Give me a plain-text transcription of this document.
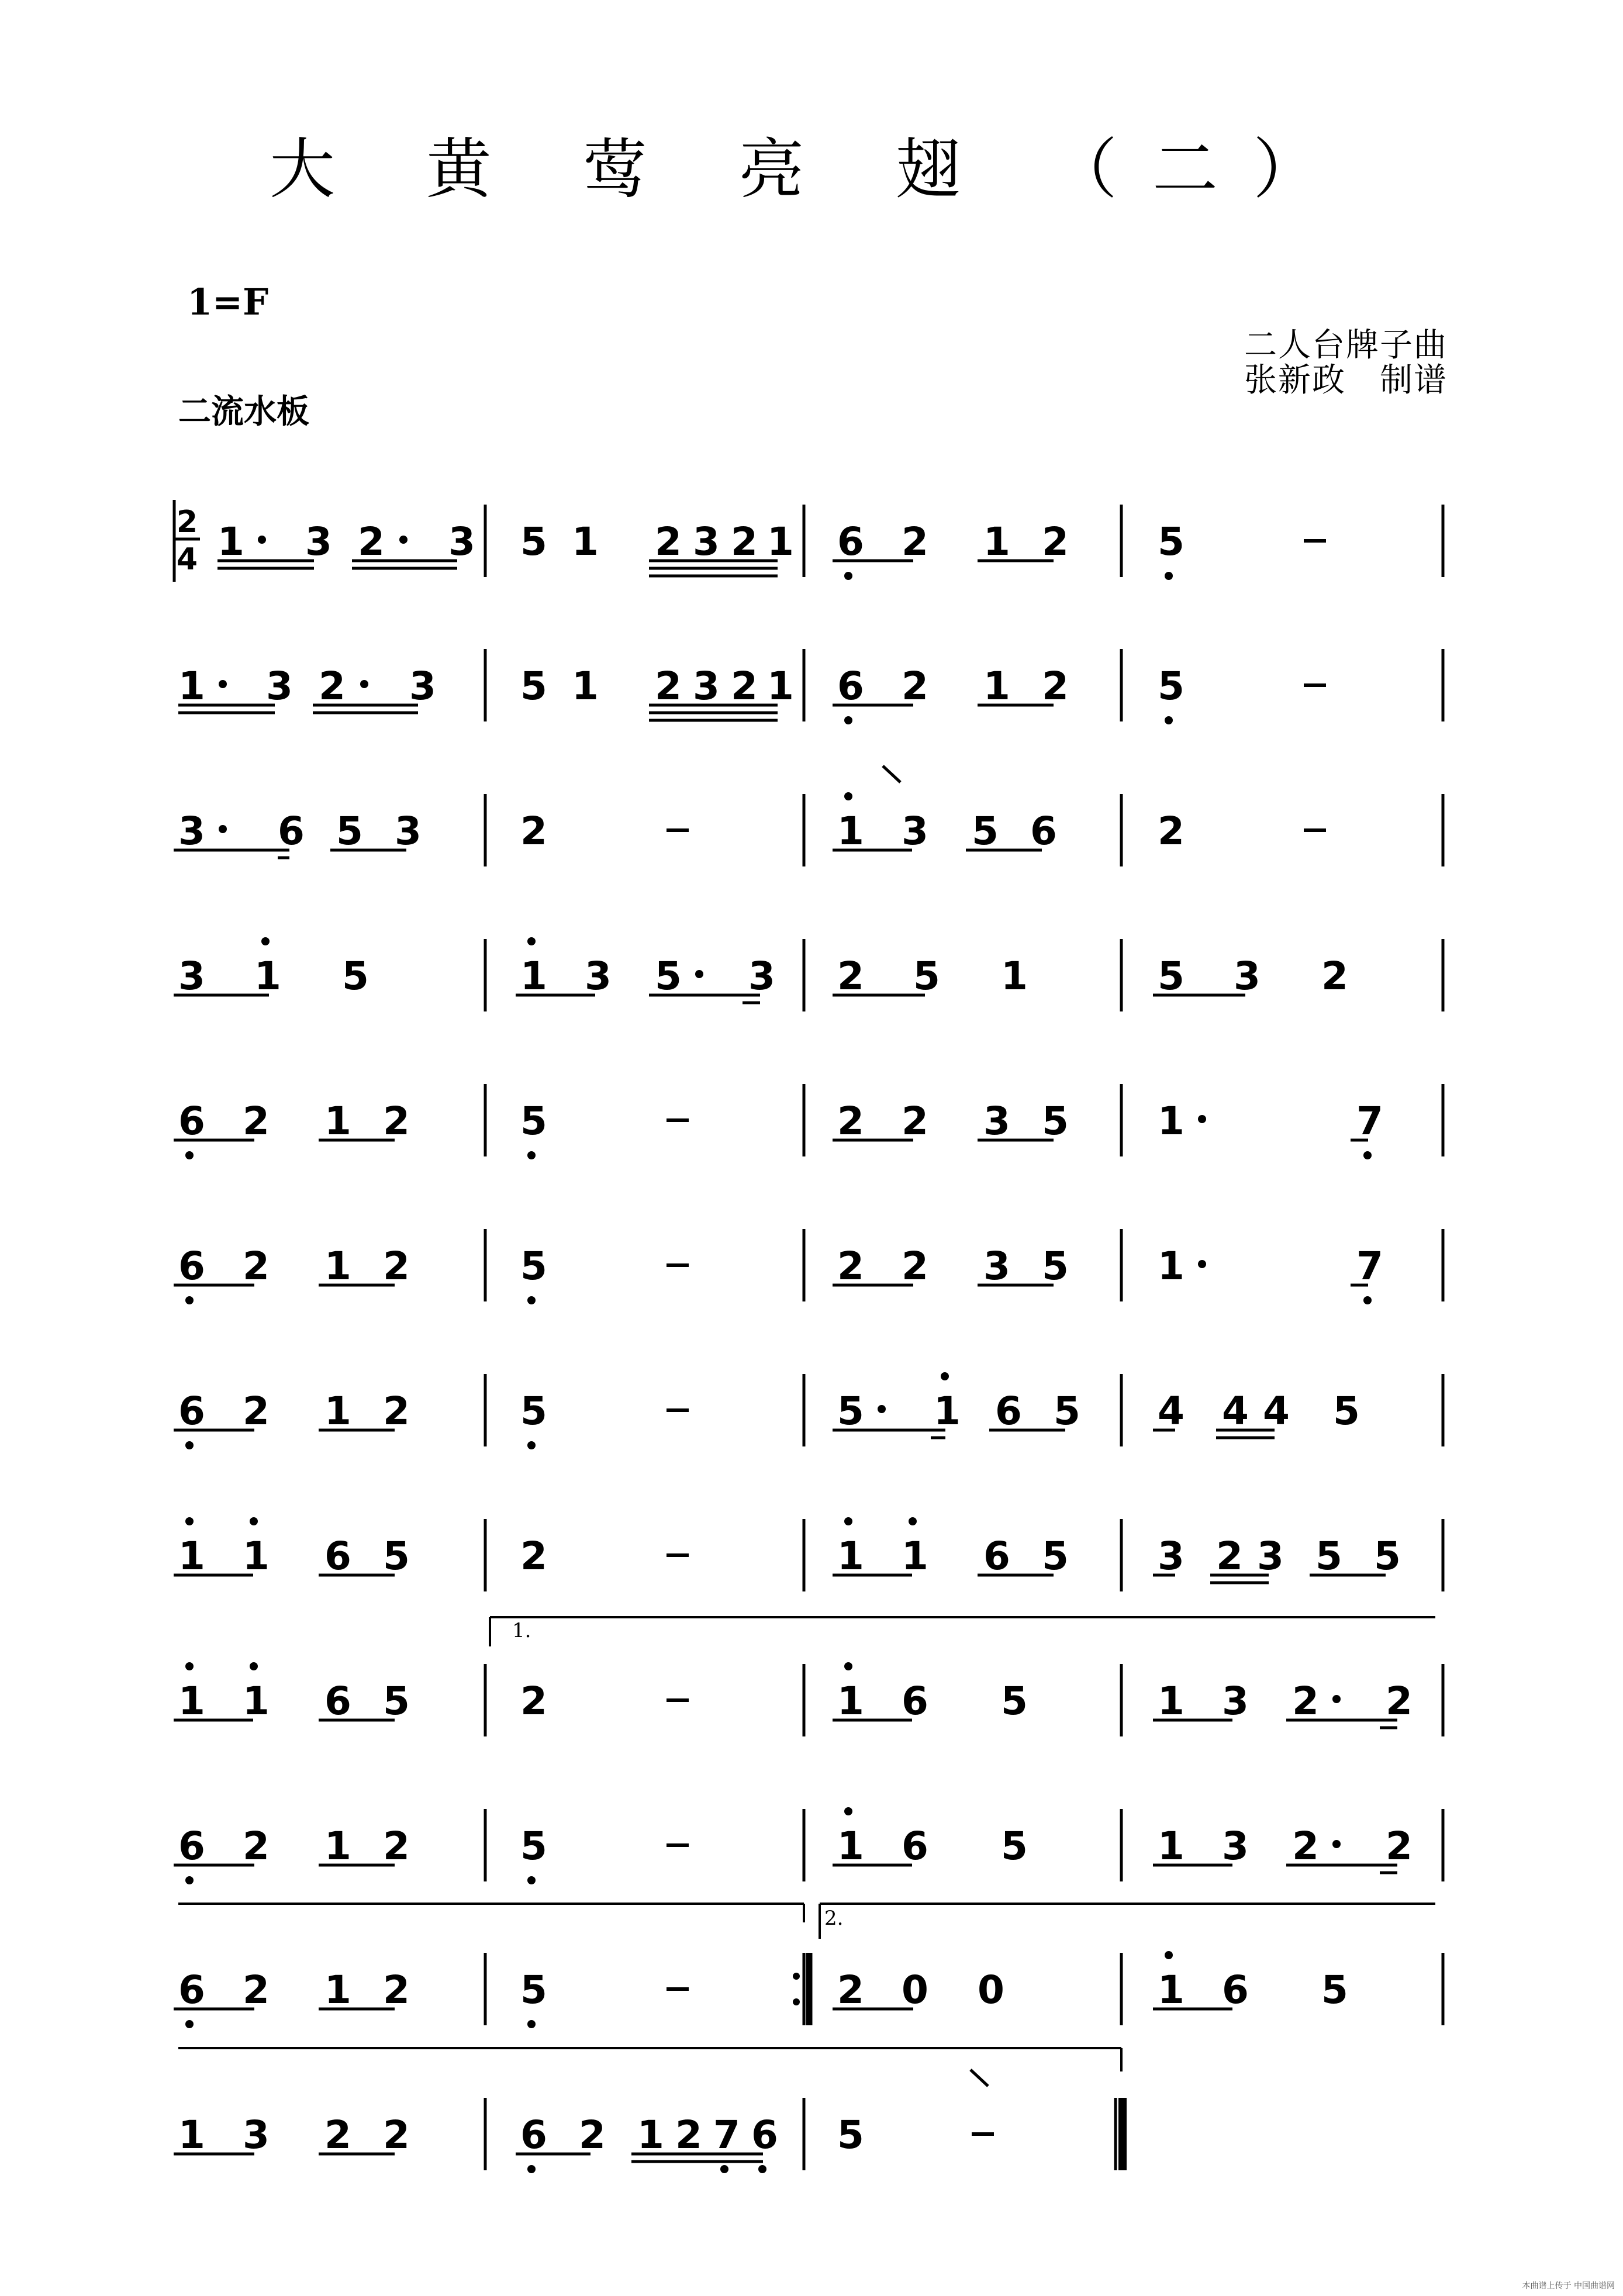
大 黄 莺 亮 翅 （二）
1=F
二流水板
二人台牌子曲
张新政　制谱
2
4
1.
2.
1 3 2 3 5 1 2 3 2 1 6 2 1 2 5
1 3 2 3 5 1 2 3 2 1 6 2 1 2 5
3 6 5 3	2	1 3 5 6	2
3 1 5	1 3 5 3 2 5 1	5 3 2
6 2 1 2	5	2 2 3 5 1	7
6 2 1 2	5	2 2 3 5 1	7
6 2 1 2	5	5 1 6 5 4 4 4 5
1 1 6 5	2	1 1 6 5 3 2 3 5 5
1 1 6 5	2	1 6 5	1 3 2 2
6 2 1 2	5	1 6 5	1 3 2 2
6 2 1 2	5	2 0 0	1 6 5
1 3 2 2	6 2 1 2 7 6 5
本曲谱上传于 中国曲谱网
